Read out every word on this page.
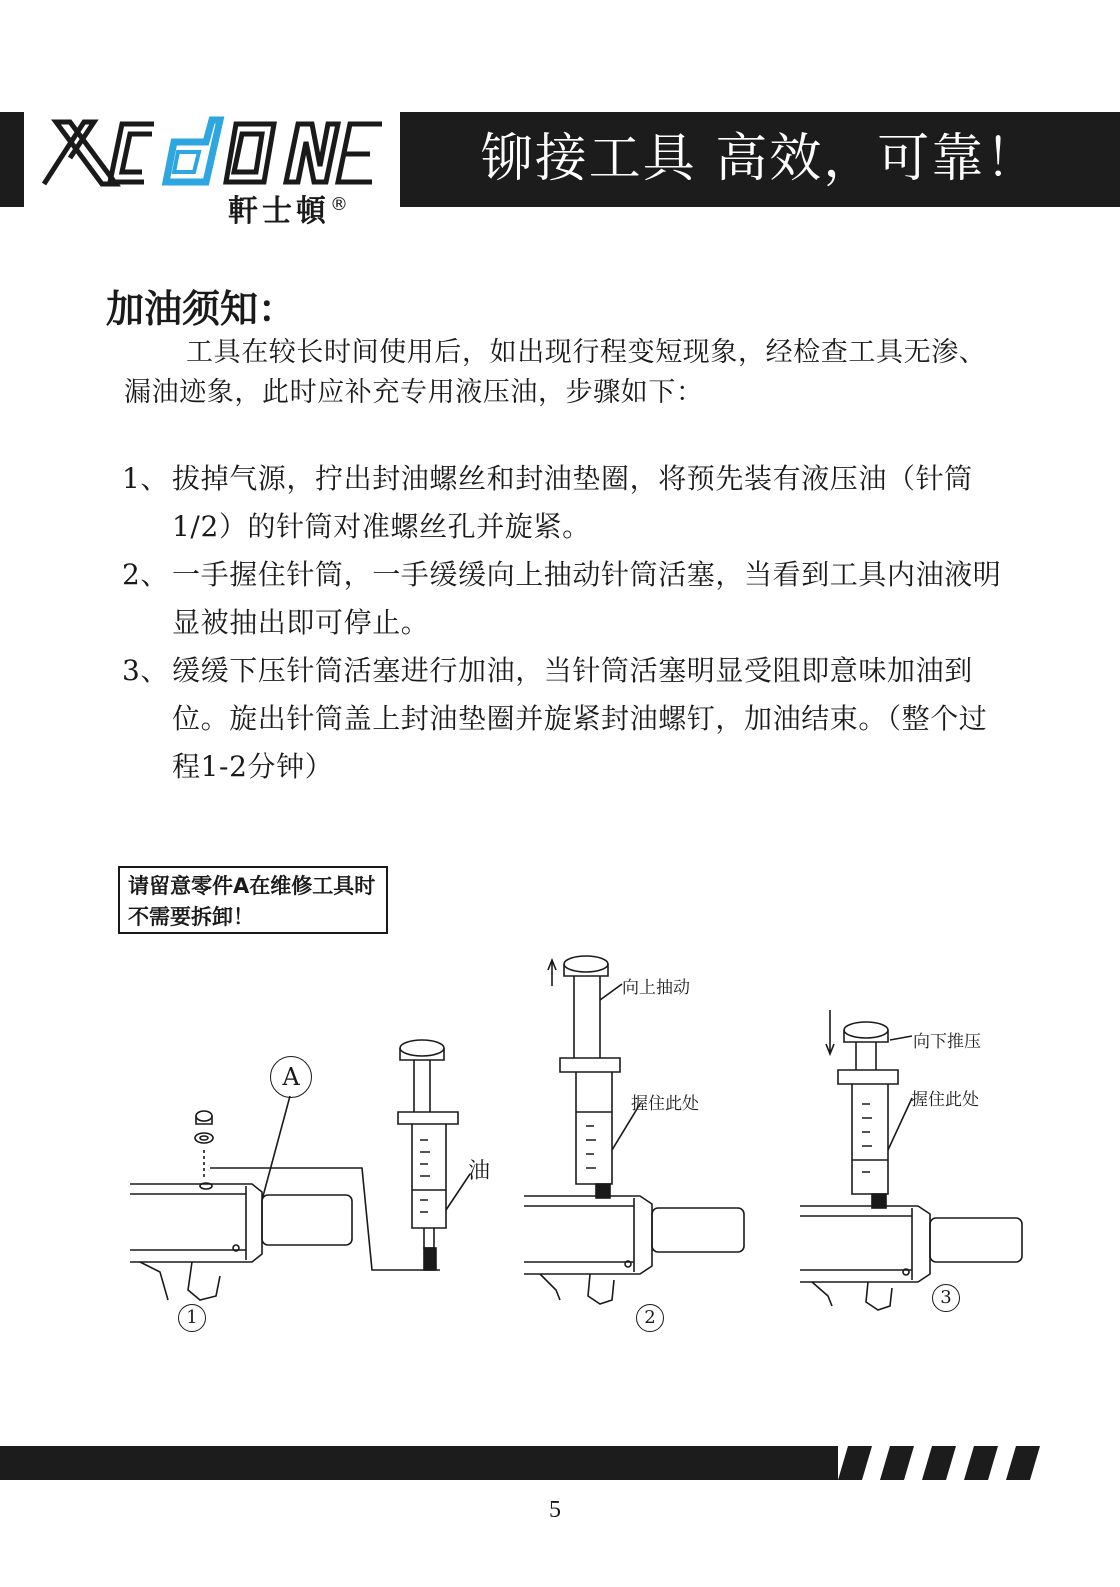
軒士頓®
铆接工具 高效，可靠！
加油须知：
工具在较长时间使用后，如出现行程变短现象，经检查工具无渗、漏油迹象，此时应补充专用液压油，步骤如下：
1、 拔掉气源，拧出封油螺丝和封油垫圈，将预先装有液压油（针筒1/2）的针筒对准螺丝孔并旋紧。
2、 一手握住针筒，一手缓缓向上抽动针筒活塞，当看到工具内油液明显被抽出即可停止。
3、 缓缓下压针筒活塞进行加油，当针筒活塞明显受阻即意味加油到位。旋出针筒盖上封油垫圈并旋紧封油螺钉，加油结束。（整个过程1-2分钟）
请留意零件A在维修工具时
不需要拆卸！
A
油
向上抽动
握住此处
向下推压
握住此处
1	2
3
5
